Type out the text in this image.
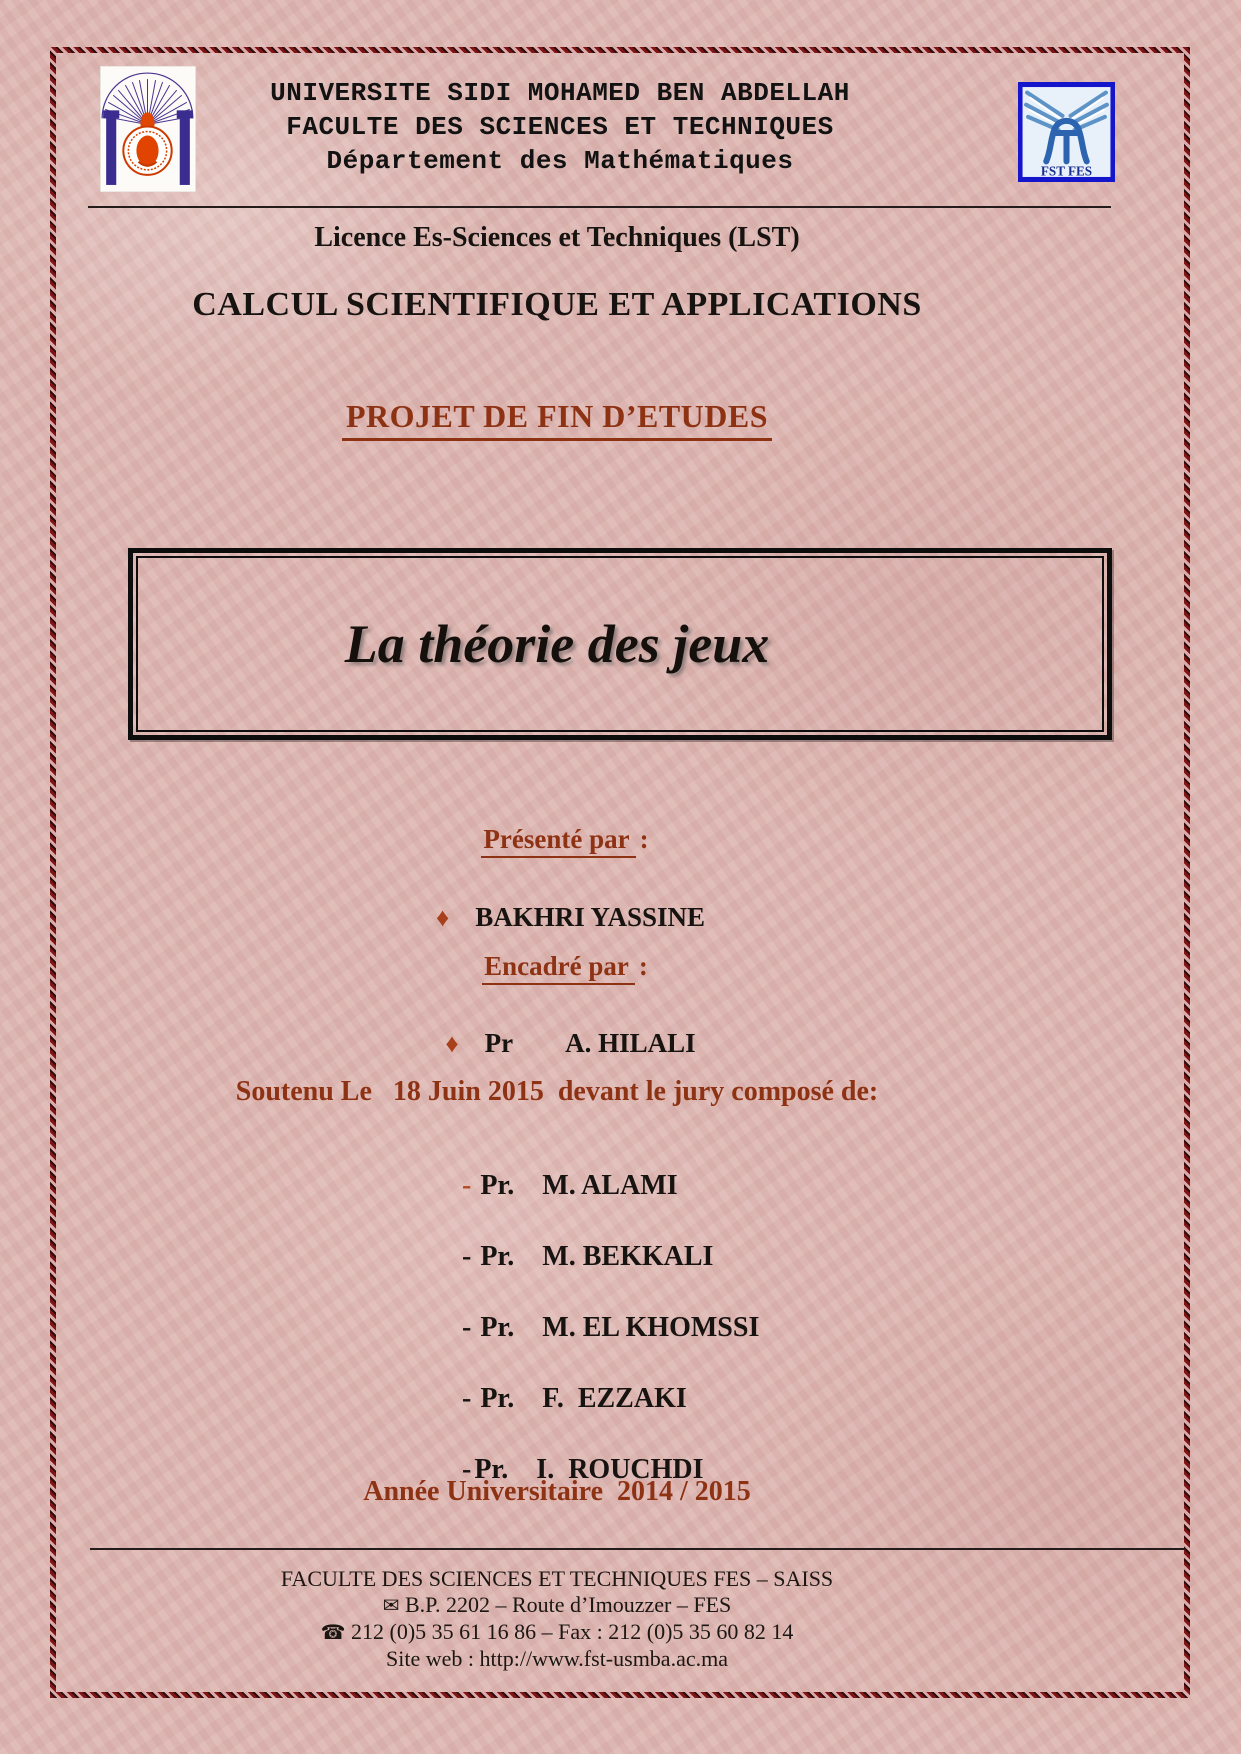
UNIVERSITE SIDI MOHAMED BEN ABDELLAH
FACULTE DES SCIENCES ET TECHNIQUES
Département des Mathématiques	FST FES
Licence Es-Sciences et Techniques (LST)
CALCUL SCIENTIFIQUE ET APPLICATIONS
PROJET DE FIN D’ETUDES
La théorie des jeux

Présenté par :

♦ BAKHRI YASSINE

Encadré par :

♦ Pr A. HILALI

Soutenu Le   18 Juin 2015  devant le jury composé de:

- Pr. M. ALAMI

- Pr. M. BEKKALI

- Pr. M. EL KHOMSSI

- Pr. F.  EZZAKI

- Pr. I.  ROUCHDI

Année Universitaire  2014 / 2015
FACULTE DES SCIENCES ET TECHNIQUES FES – SAISS
✉ B.P. 2202 – Route d’Imouzzer – FES
☎ 212 (0)5 35 61 16 86 – Fax : 212 (0)5 35 60 82 14
Site web : http://www.fst-usmba.ac.ma
